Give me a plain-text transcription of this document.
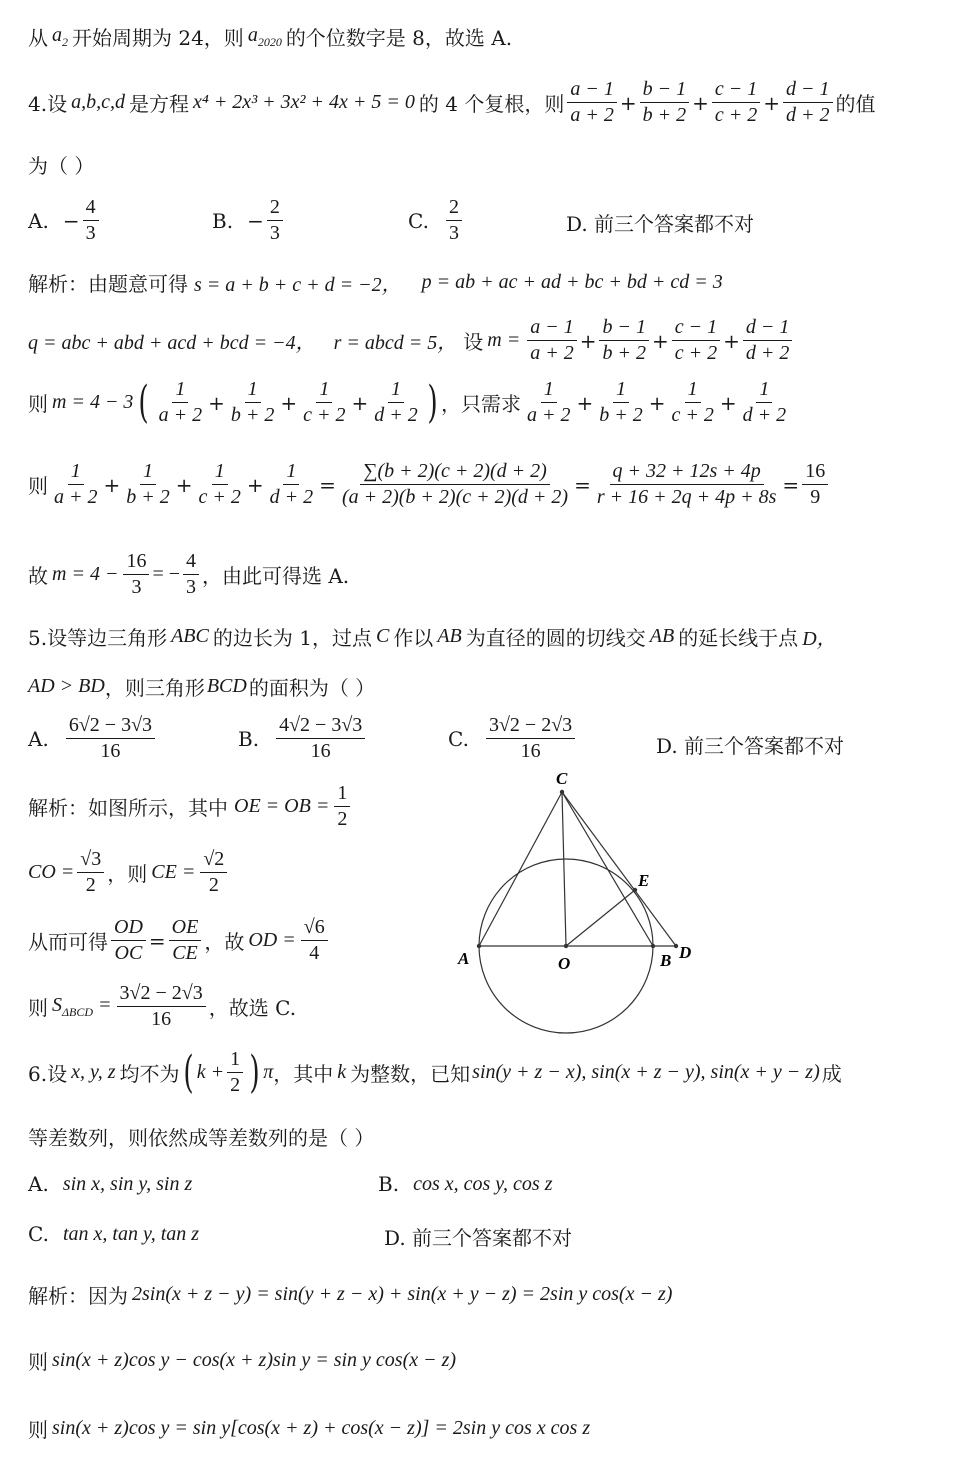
从 $a_2$ 开始周期为 24，则 $a_{2020}$ 的个位数字是 8，故选 A.
4.设 a,b,c,d 是方程 x⁴ + 2x³ + 3x² + 4x + 5 = 0 的 4 个复根，则 $\frac{a - 1}{a + 2} + \frac{b - 1}{b + 2} + \frac{c - 1}{c + 2} + \frac{d - 1}{d + 2}$ 的值
为（ ）
A. − $\frac{4}{3}$	B. − $\frac{2}{3}$	C. $\frac{2}{3}$	D. 前三个答案都不对
解析： 由题意可得 s = a + b + c + d = −2， p = ab + ac + ad + bc + bd + cd = 3
q = abc + abd + acd + bcd = −4， r = abcd = 5， 设 $m = \frac{a - 1}{a + 2} + \frac{b - 1}{b + 2} + \frac{c - 1}{c + 2} + \frac{d - 1}{d + 2}$
则 m = 4 − 3 ( $\frac{1}{a + 2} + \frac{1}{b + 2} + \frac{1}{c + 2} + \frac{1}{d + 2}$ ) ，只需求 $\frac{1}{a + 2} + \frac{1}{b + 2} + \frac{1}{c + 2} + \frac{1}{d + 2}$
则 $\frac{1}{a + 2} + \frac{1}{b + 2} + \frac{1}{c + 2} + \frac{1}{d + 2} = \frac{\sum(b + 2)(c + 2)(d + 2)}{(a + 2)(b + 2)(c + 2)(d + 2)} = \frac{q + 32 + 12s + 4p}{r + 16 + 2q + 4p + 8s} = \frac{16}{9}$
故 $m = 4 - \frac{16}{3}$ = − $\frac{4}{3}$ ，由此可得选 A.
5.设等边三角形 ABC 的边长为 1，过点 C 作以 AB 为直径的圆的切线交 AB 的延长线于点 D，
AD > BD ，则三角形 BCD 的面积为（ ）
A. $\frac{6√2 - 3√3}{16}$	B. $\frac{4√2 - 3√3}{16}$	C. $\frac{3√2 - 2√3}{16}$	D. 前三个答案都不对
解析： 如图所示，其中 OE = OB = $\frac{1}{2}$
CO = $\frac{√3}{2}$ ，则 CE = $\frac{√2}{2}$
从而可得 $\frac{OD}{OC} = \frac{OE}{CE}$ ，故 OD = $\frac{√6}{4}$
则 $S_{\Delta BCD} = \frac{3√2 - 2√3}{16}$ ，故选 C.
C
E
A	O	B D
6.设 x, y, z 均不为 ( $k + \frac{1}{2}$ ) π ，其中 k 为整数，已知 sin(y + z − x), sin(x + z − y), sin(x + y − z) 成
等差数列，则依然成等差数列的是（ ）
A. sin x, sin y, sin z	B. cos x, cos y, cos z
C. tan x, tan y, tan z	D. 前三个答案都不对
解析： 因为 2sin(x + z − y) = sin(y + z − x) + sin(x + y − z) = 2sin y cos(x − z)
则 sin(x + z)cos y − cos(x + z)sin y = sin y cos(x − z)
则 sin(x + z)cos y = sin y[cos(x + z) + cos(x − z)] = 2sin y cos x cos z
